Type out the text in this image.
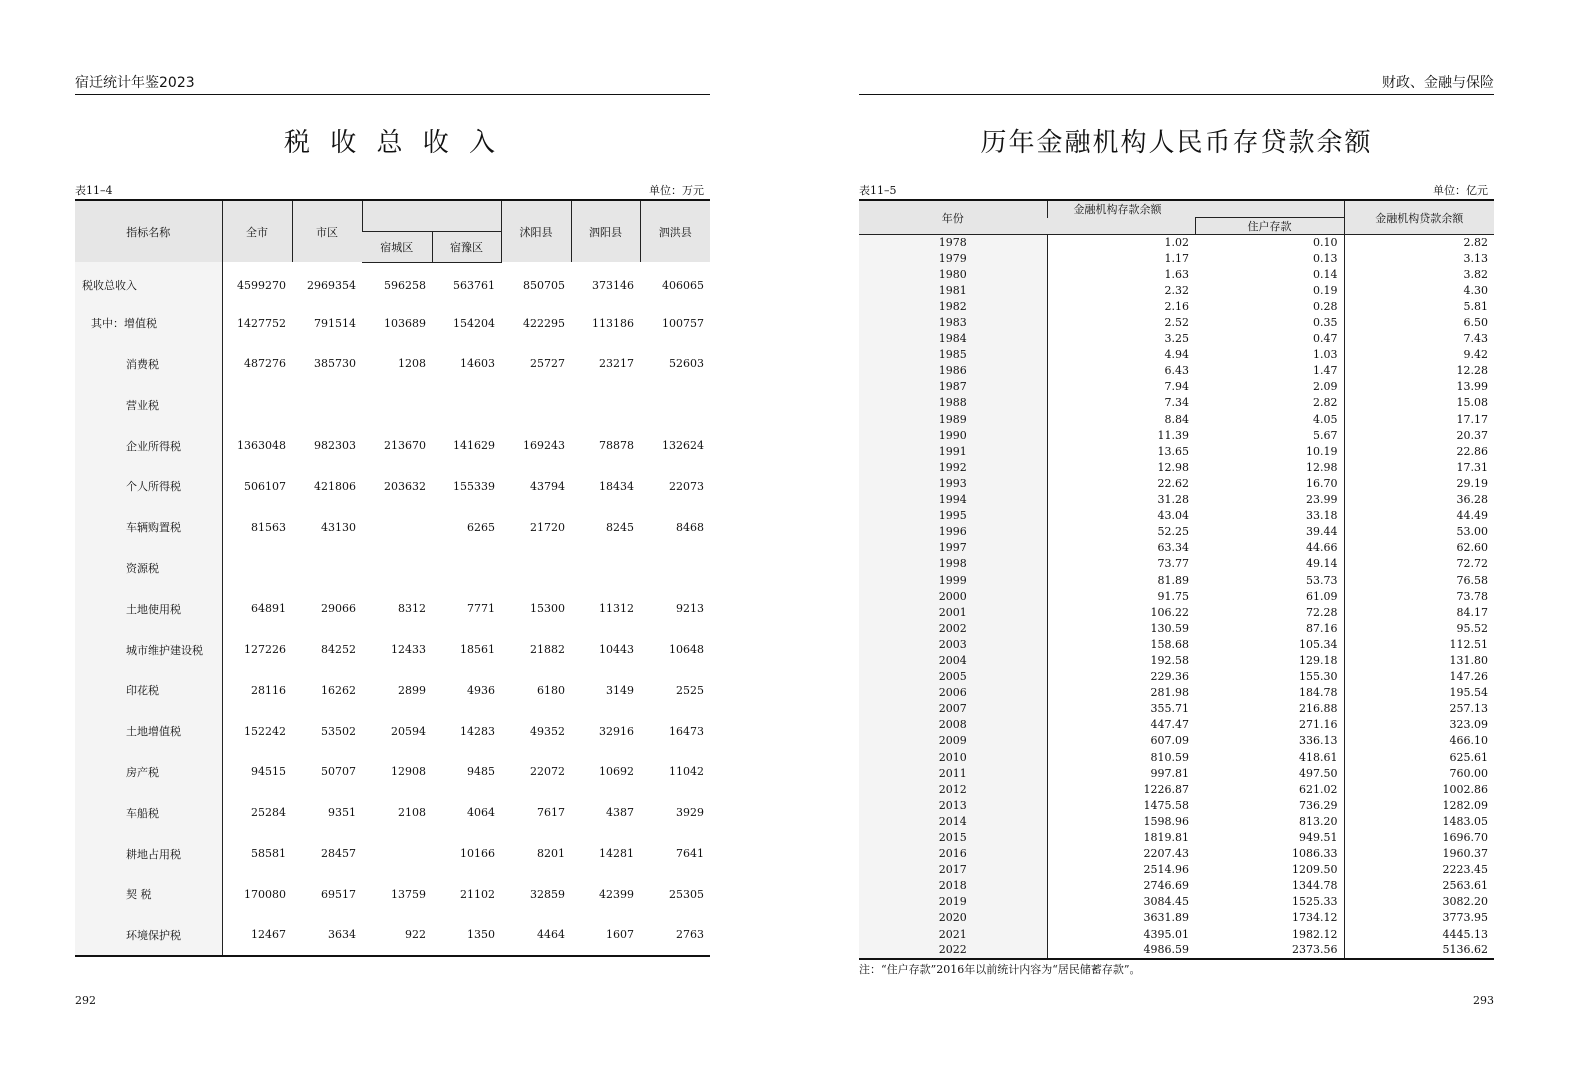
宿迁统计年鉴2023
税 收 总 收 入
表11–4	单位：万元
指标名称	全市	市区			沭阳县	泗阳县	泗洪县
			宿城区	宿豫区			
税收总收入	4599270	2969354	596258	563761	850705	373146	406065
其中：增值税	1427752	791514	103689	154204	422295	113186	100757
消费税	487276	385730	1208	14603	25727	23217	52603
营业税							
企业所得税	1363048	982303	213670	141629	169243	78878	132624
个人所得税	506107	421806	203632	155339	43794	18434	22073
车辆购置税	81563	43130		6265	21720	8245	8468
资源税							
土地使用税	64891	29066	8312	7771	15300	11312	9213
城市维护建设税	127226	84252	12433	18561	21882	10443	10648
印花税	28116	16262	2899	4936	6180	3149	2525
土地增值税	152242	53502	20594	14283	49352	32916	16473
房产税	94515	50707	12908	9485	22072	10692	11042
车船税	25284	9351	2108	4064	7617	4387	3929
耕地占用税	58581	28457		10166	8201	14281	7641
契 税	170080	69517	13759	21102	32859	42399	25305
环境保护税	12467	3634	922	1350	4464	1607	2763
292
财政、金融与保险
历年金融机构人民币存贷款余额
表11–5	单位：亿元
年份	金融机构存款余额		金融机构贷款余额
		住户存款	
1978	1.02	0.10	2.82
1979	1.17	0.13	3.13
1980	1.63	0.14	3.82
1981	2.32	0.19	4.30
1982	2.16	0.28	5.81
1983	2.52	0.35	6.50
1984	3.25	0.47	7.43
1985	4.94	1.03	9.42
1986	6.43	1.47	12.28
1987	7.94	2.09	13.99
1988	7.34	2.82	15.08
1989	8.84	4.05	17.17
1990	11.39	5.67	20.37
1991	13.65	10.19	22.86
1992	12.98	12.98	17.31
1993	22.62	16.70	29.19
1994	31.28	23.99	36.28
1995	43.04	33.18	44.49
1996	52.25	39.44	53.00
1997	63.34	44.66	62.60
1998	73.77	49.14	72.72
1999	81.89	53.73	76.58
2000	91.75	61.09	73.78
2001	106.22	72.28	84.17
2002	130.59	87.16	95.52
2003	158.68	105.34	112.51
2004	192.58	129.18	131.80
2005	229.36	155.30	147.26
2006	281.98	184.78	195.54
2007	355.71	216.88	257.13
2008	447.47	271.16	323.09
2009	607.09	336.13	466.10
2010	810.59	418.61	625.61
2011	997.81	497.50	760.00
2012	1226.87	621.02	1002.86
2013	1475.58	736.29	1282.09
2014	1598.96	813.20	1483.05
2015	1819.81	949.51	1696.70
2016	2207.43	1086.33	1960.37
2017	2514.96	1209.50	2223.45
2018	2746.69	1344.78	2563.61
2019	3084.45	1525.33	3082.20
2020	3631.89	1734.12	3773.95
2021	4395.01	1982.12	4445.13
2022	4986.59	2373.56	5136.62
注：“住户存款”2016年以前统计内容为“居民储蓄存款”。
293
